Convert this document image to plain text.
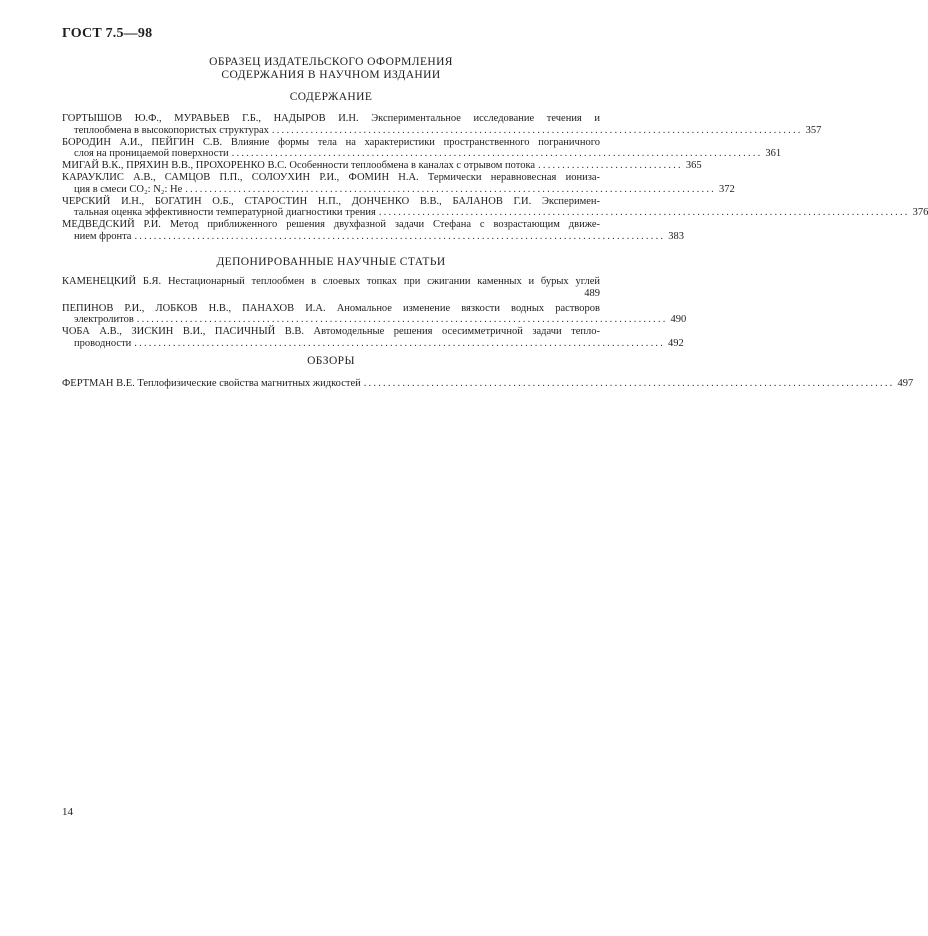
ГОСТ 7.5—98
ОБРАЗЕЦ ИЗДАТЕЛЬСКОГО ОФОРМЛЕНИЯ
СОДЕРЖАНИЯ В НАУЧНОМ ИЗДАНИИ
СОДЕРЖАНИЕ
ГОРТЫШОВ Ю.Ф., МУРАВЬЕВ Г.Б., НАДЫРОВ И.Н. Экспериментальное исследование течения и
теплообмена в высокопористых структурах .............................................................................................................. 357
БОРОДИН А.И., ПЕЙГИН С.В. Влияние формы тела на характеристики пространственного пограничного
слоя на проницаемой поверхности .............................................................................................................. 361
МИГАЙ В.К., ПРЯХИН В.В., ПРОХОРЕНКО В.С. Особенности теплообмена в каналах с отрывом потока .............................. 365
КАРАУКЛИС А.В., САМЦОВ П.П., СОЛОУХИН Р.И., ФОМИН Н.А. Термически неравновесная иониза-
ция в смеси CO₂: N₂: He .............................................................................................................. 372
ЧЕРСКИЙ И.Н., БОГАТИН О.Б., СТАРОСТИН Н.П., ДОНЧЕНКО В.В., БАЛАНОВ Г.И. Эксперимен-
тальная оценка эффективности температурной диагностики трения .............................................................................................................. 376
МЕДВЕДСКИЙ Р.И. Метод приближенного решения двухфазной задачи Стефана с возрастающим движе-
нием фронта .............................................................................................................. 383
ДЕПОНИРОВАННЫЕ НАУЧНЫЕ СТАТЬИ
КАМЕНЕЦКИЙ Б.Я. Нестационарный теплообмен в слоевых топках при сжигании каменных и бурых углей
489
ПЕПИНОВ Р.И., ЛОБКОВ Н.В., ПАНАХОВ И.А. Аномальное изменение вязкости водных растворов
электролитов .............................................................................................................. 490
ЧОБА А.В., ЗИСКИН В.И., ПАСИЧНЫЙ В.В. Автомодельные решения осесимметричной задачи тепло-
проводности .............................................................................................................. 492
ОБЗОРЫ
ФЕРТМАН В.Е. Теплофизические свойства магнитных жидкостей .............................................................................................................. 497
14
